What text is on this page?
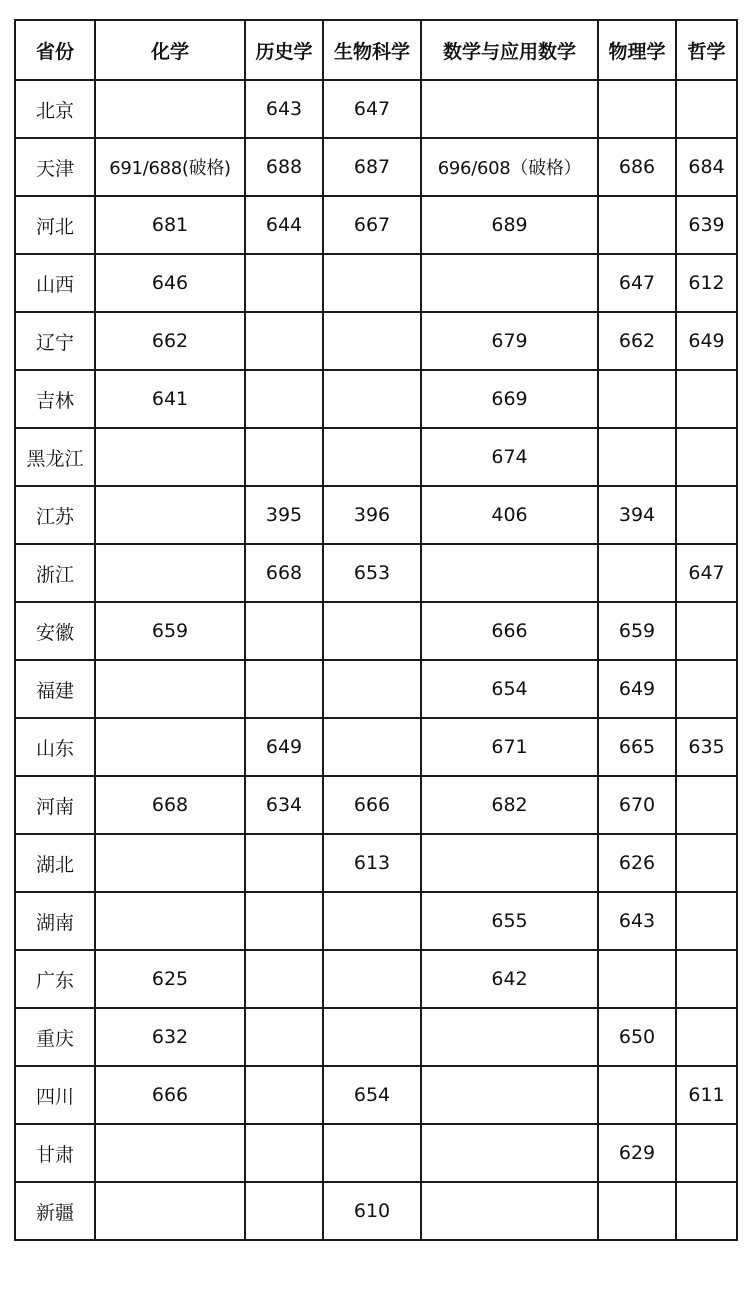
省份	化学	历史学	生物科学	数学与应用数学	物理学	哲学
北京		643	647			
天津	691/688(破格)	688	687	696/608（破格）	686	684
河北	681	644	667	689		639
山西	646				647	612
辽宁	662			679	662	649
吉林	641			669		
黑龙江				674		
江苏		395	396	406	394	
浙江		668	653			647
安徽	659			666	659	
福建				654	649	
山东		649		671	665	635
河南	668	634	666	682	670	
湖北			613		626	
湖南				655	643	
广东	625			642		
重庆	632				650	
四川	666		654			611
甘肃					629	
新疆			610			
